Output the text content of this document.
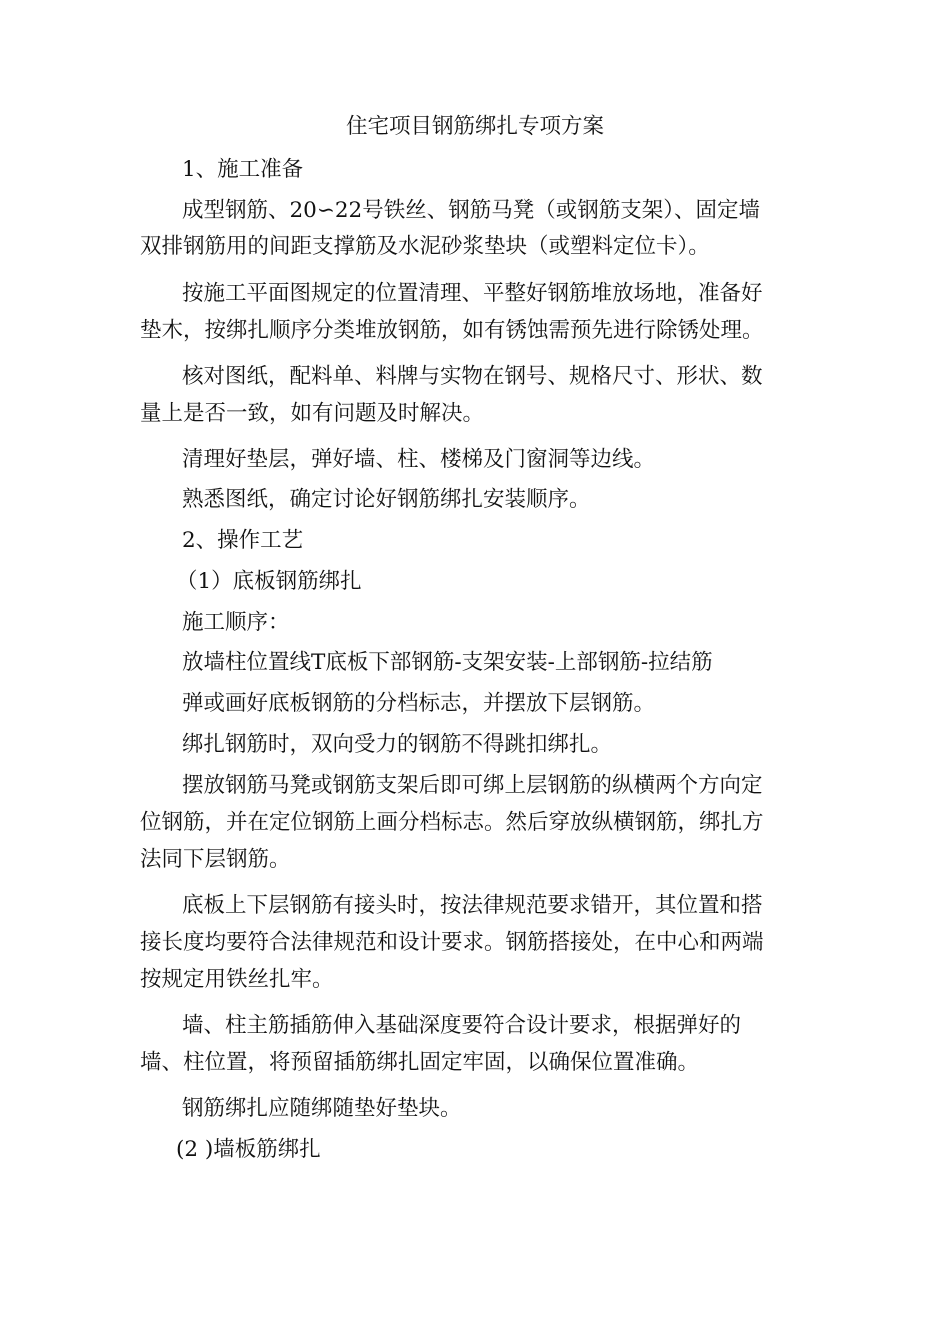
住宅项目钢筋绑扎专项方案

1、施工准备

成型钢筋、20∽22号铁丝、钢筋马凳（或钢筋支架）、固定墙

双排钢筋用的间距支撑筋及水泥砂浆垫块（或塑料定位卡）。

按施工平面图规定的位置清理、平整好钢筋堆放场地，准备好

垫木，按绑扎顺序分类堆放钢筋，如有锈蚀需预先进行除锈处理。

核对图纸，配料单、料牌与实物在钢号、规格尺寸、形状、数

量上是否一致，如有问题及时解决。

清理好垫层，弹好墙、柱、楼梯及门窗洞等边线。

熟悉图纸，确定讨论好钢筋绑扎安装顺序。

2、操作工艺

（1）底板钢筋绑扎

施工顺序：

放墙柱位置线T底板下部钢筋-支架安装-上部钢筋-拉结筋

弹或画好底板钢筋的分档标志，并摆放下层钢筋。

绑扎钢筋时，双向受力的钢筋不得跳扣绑扎。

摆放钢筋马凳或钢筋支架后即可绑上层钢筋的纵横两个方向定

位钢筋，并在定位钢筋上画分档标志。然后穿放纵横钢筋，绑扎方

法同下层钢筋。

底板上下层钢筋有接头时，按法律规范要求错开，其位置和搭

接长度均要符合法律规范和设计要求。钢筋搭接处，在中心和两端

按规定用铁丝扎牢。

墙、柱主筋插筋伸入基础深度要符合设计要求，根据弹好的

墙、柱位置，将预留插筋绑扎固定牢固，以确保位置准确。

钢筋绑扎应随绑随垫好垫块。

(2 )墙板筋绑扎
